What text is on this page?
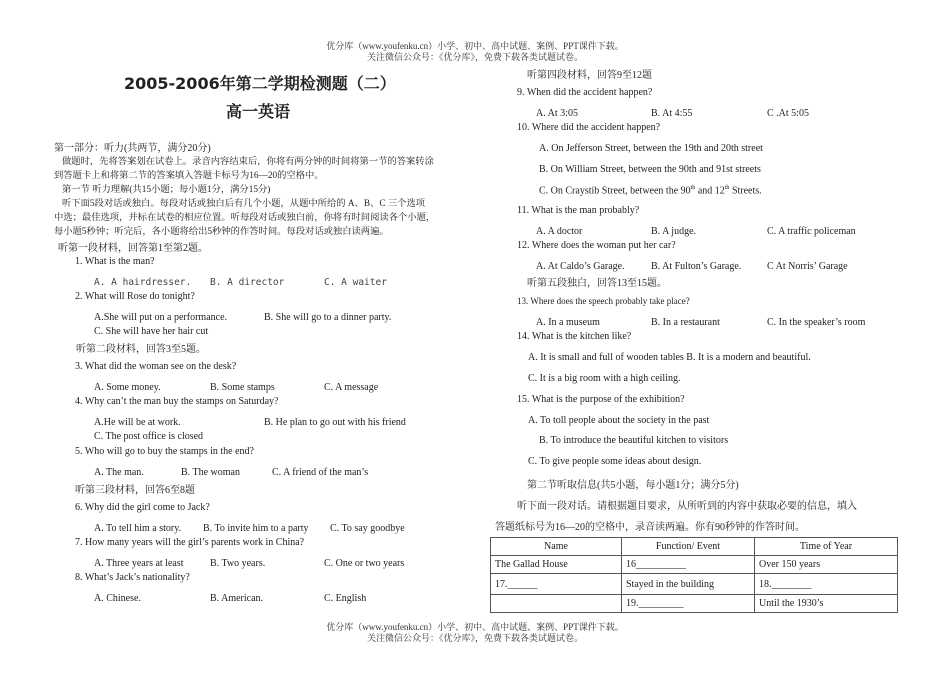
优分库（www.youfenku.cn）小学、初中、高中试题、案例、PPT课件下载。
关注微信公众号：《优分库》，免费下载各类试题试卷。
2005-2006年第二学期检测题（二）
高一英语
第一部分：听力(共两节，满分20分)
做题时，先将答案划在试卷上。录音内容结束后，你将有两分钟的时间将第一节的答案转涂
到答题卡上和将第二节的答案填入答题卡标号为16—20的空格中。
第一节 听力理解(共15小题；每小题1分，满分15分)
听下面5段对话或独白。每段对话或独白后有几个小题，从题中所给的 A、B、C 三个选项
中选；最佳选项，并标在试卷的相应位置。听每段对话或独白前，你将有时间阅读各个小题，
每小题5秒钟；听完后，各小题将给出5秒钟的作答时间。每段对话或独白读两遍。
听第一段材料，回答第1至第2题。
1. What is the man?
A. A hairdresser. B. A director	C. A waiter
2. What will Rose do tonight?
A.She will put on a performance.	B. She will go to a dinner party.
C. She will have her hair cut
听第二段材料，回答3至5题。
3. What did the woman see on the desk?
A. Some money.	B. Some stamps	C. A message
4. Why can’t the man buy the stamps on Saturday?
A.He will be at work.	B. He plan to go out with his friend
C. The post office is closed
5. Who will go to buy the stamps in the end?
A. The man.	B. The woman	C. A friend of the man’s
听第三段材料，回答6至8题
6. Why did the girl come to Jack?
A. To tell him a story. B. To invite him to a party C. To say goodbye
7. How many years will the girl’s parents work in China?
A. Three years at least	B. Two years.	C. One or two years
8. What’s Jack’s nationality?
A. Chinese.	B. American.	C. English
听第四段材料，回答9至12题
9. When did the accident happen?
A. At 3:05	B. At 4:55	C .At 5:05
10. Where did the accident happen?
A. On Jefferson Street, between the 19th and 20th street
B. On William Street, between the 90th and 91st streets
C. On Craystib Street, between the 90th and 12th Streets.
11. What is the man probably?
A. A doctor	B. A judge.	C. A traffic policeman
12. Where does the woman put her car?
A. At Caldo’s Garage.	B. At Fulton’s Garage.	C At Norris’ Garage
听第五段独白，回答13至15题。
13. Where does the speech probably take place?
A. In a museum	B. In a restaurant	C. In the speaker’s room
14. What is the kitchen like?
A. It is small and full of wooden tables B. It is a modern and beautiful.
C. It is a big room with a high ceiling.
15. What is the purpose of the exhibition?
A. To toll people about the society in the past
B. To introduce the beautiful kitchen to visitors
C. To give people some ideas about design.
第二节听取信息(共5小题，每小题1分；满分5分)
听下面一段对话。请根据题目要求，从所听到的内容中获取必要的信息，填入
答题纸标号为16—20的空格中，录音读两遍。你有90秒钟的作答时间。
Name	Function/ Event	Time of Year
The Gallad House	16__________	Over 150 years
17.______	Stayed in the building	18.________
	19._________	Until the 1930’s
优分库（www.youfenku.cn）小学、初中、高中试题、案例、PPT课件下载。
关注微信公众号：《优分库》，免费下载各类试题试卷。
